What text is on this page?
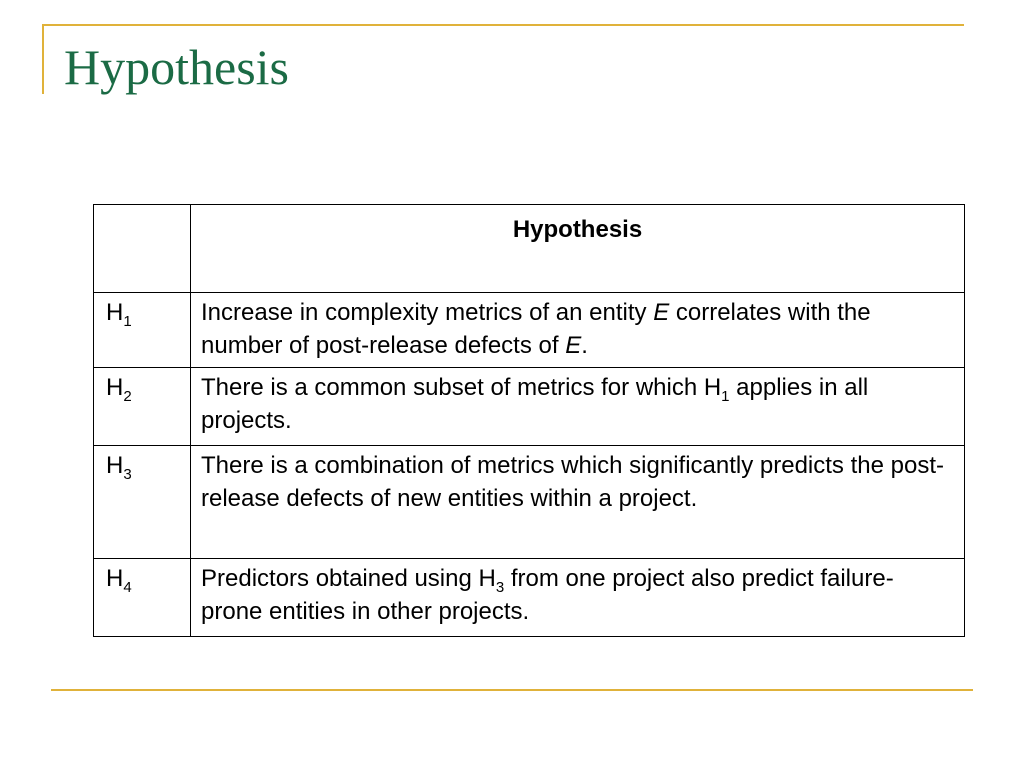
Hypothesis
	Hypothesis
$H_1$	Increase in complexity metrics of an entity E correlates with the number of post-release defects of E.
$H_2$	There is a common subset of metrics for which $H_1$ applies in all projects.
$H_3$	There is a combination of metrics which significantly predicts the post-release defects of new entities within a project.
$H_4$	Predictors obtained using $H_3$ from one project also predict failure-prone entities in other projects.
